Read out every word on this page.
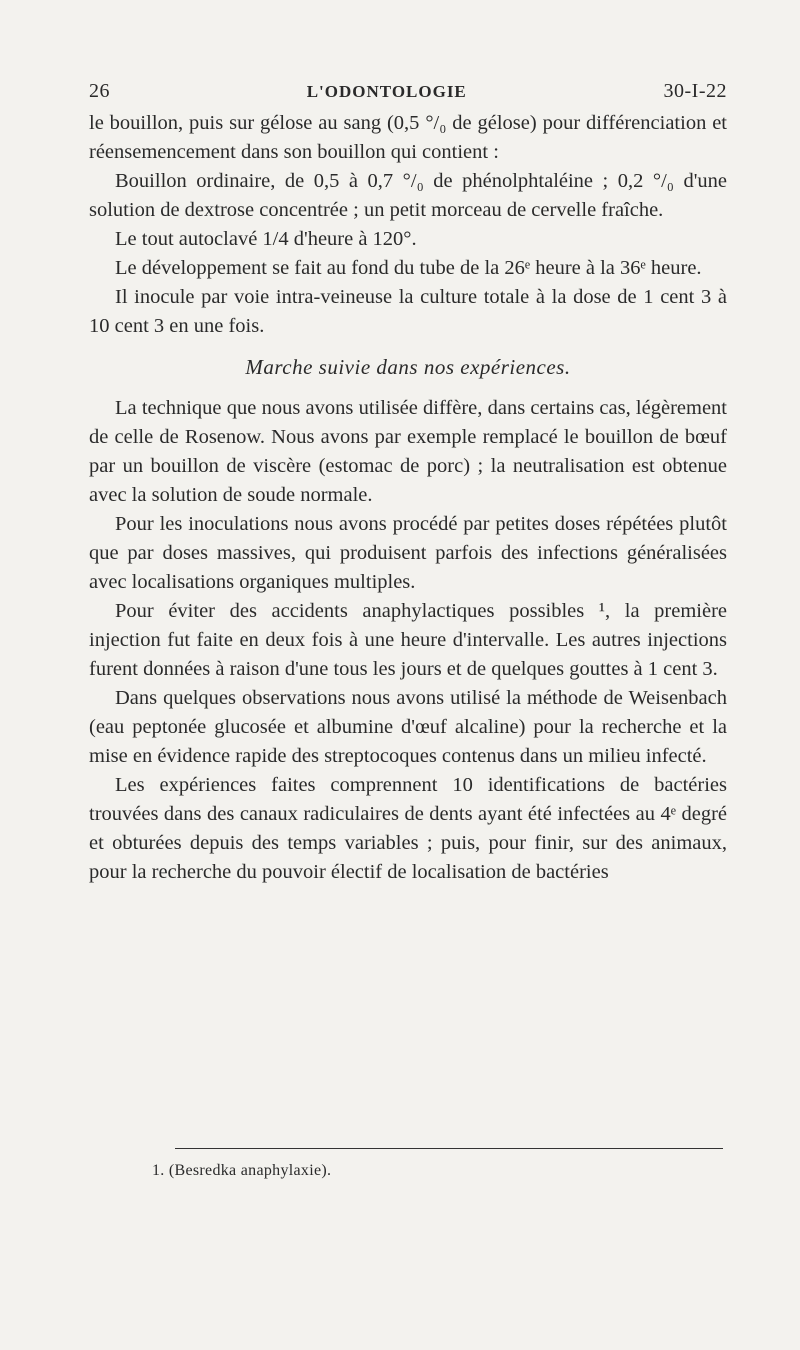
26	L'ODONTOLOGIE	30-I-22

le bouillon, puis sur gélose au sang (0,5 °/₀ de gélose) pour différenciation et réensemencement dans son bouillon qui contient :

Bouillon ordinaire, de 0,5 à 0,7 °/₀ de phénolphtaléine ; 0,2 °/₀ d'une solution de dextrose concentrée ; un petit morceau de cervelle fraîche.

Le tout autoclavé 1/4 d'heure à 120°.

Le développement se fait au fond du tube de la 26ᵉ heure à la 36ᵉ heure.

Il inocule par voie intra-veineuse la culture totale à la dose de 1 cent 3 à 10 cent 3 en une fois.

Marche suivie dans nos expériences.

La technique que nous avons utilisée diffère, dans certains cas, légèrement de celle de Rosenow. Nous avons par exemple remplacé le bouillon de bœuf par un bouillon de viscère (estomac de porc) ; la neutralisation est obtenue avec la solution de soude normale.

Pour les inoculations nous avons procédé par petites doses répétées plutôt que par doses massives, qui produisent parfois des infections généralisées avec localisations organiques multiples.

Pour éviter des accidents anaphylactiques possibles ¹, la première injection fut faite en deux fois à une heure d'intervalle. Les autres injections furent données à raison d'une tous les jours et de quelques gouttes à 1 cent 3.

Dans quelques observations nous avons utilisé la méthode de Weisenbach (eau peptonée glucosée et albumine d'œuf alcaline) pour la recherche et la mise en évidence rapide des streptocoques contenus dans un milieu infecté.

Les expériences faites comprennent 10 identifications de bactéries trouvées dans des canaux radiculaires de dents ayant été infectées au 4ᵉ degré et obturées depuis des temps variables ; puis, pour finir, sur des animaux, pour la recherche du pouvoir électif de localisation de bactéries

1. (Besredka anaphylaxie).
